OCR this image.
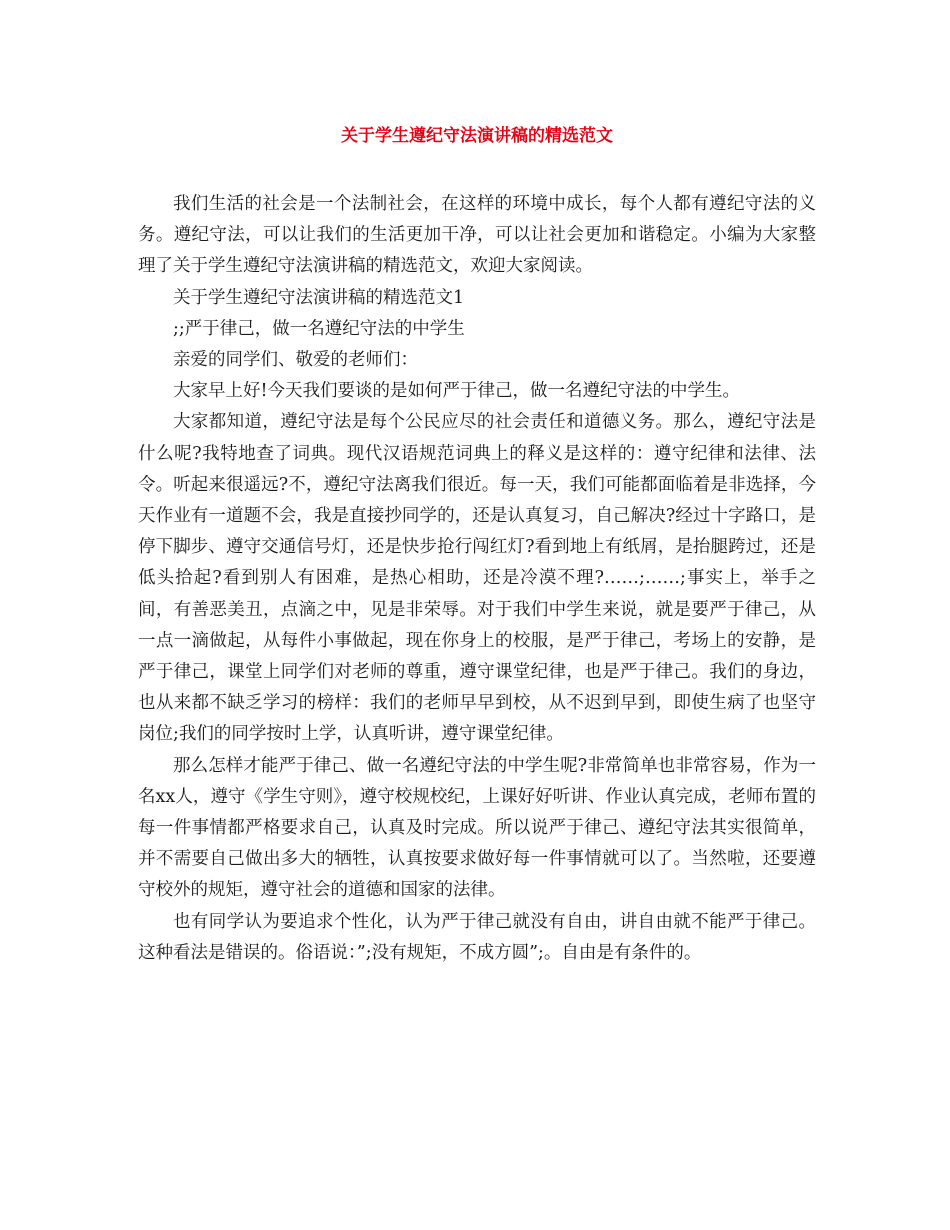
关于学生遵纪守法演讲稿的精选范文

我们生活的社会是一个法制社会，在这样的环境中成长，每个人都有遵纪守法的义务。遵纪守法，可以让我们的生活更加干净，可以让社会更加和谐稳定。小编为大家整理了关于学生遵纪守法演讲稿的精选范文，欢迎大家阅读。

关于学生遵纪守法演讲稿的精选范文1

;;严于律己，做一名遵纪守法的中学生

亲爱的同学们、敬爱的老师们：

大家早上好!今天我们要谈的是如何严于律己，做一名遵纪守法的中学生。

大家都知道，遵纪守法是每个公民应尽的社会责任和道德义务。那么，遵纪守法是什么呢?我特地查了词典。现代汉语规范词典上的释义是这样的：遵守纪律和法律、法令。听起来很遥远?不，遵纪守法离我们很近。每一天，我们可能都面临着是非选择，今天作业有一道题不会，我是直接抄同学的，还是认真复习，自己解决?经过十字路口，是停下脚步、遵守交通信号灯，还是快步抢行闯红灯?看到地上有纸屑，是抬腿跨过，还是低头拾起?看到别人有困难，是热心相助，还是冷漠不理?……;……;事实上，举手之间，有善恶美丑，点滴之中，见是非荣辱。对于我们中学生来说，就是要严于律己，从一点一滴做起，从每件小事做起，现在你身上的校服，是严于律己，考场上的安静，是严于律己，课堂上同学们对老师的尊重，遵守课堂纪律，也是严于律己。我们的身边，也从来都不缺乏学习的榜样：我们的老师早早到校，从不迟到早到，即使生病了也坚守岗位;我们的同学按时上学，认真听讲，遵守课堂纪律。

那么怎样才能严于律己、做一名遵纪守法的中学生呢?非常简单也非常容易，作为一名xx人，遵守《学生守则》，遵守校规校纪，上课好好听讲、作业认真完成，老师布置的每一件事情都严格要求自己，认真及时完成。所以说严于律己、遵纪守法其实很简单，并不需要自己做出多大的牺牲，认真按要求做好每一件事情就可以了。当然啦，还要遵守校外的规矩，遵守社会的道德和国家的法律。

也有同学认为要追求个性化，认为严于律己就没有自由，讲自由就不能严于律己。这种看法是错误的。俗语说：”;没有规矩，不成方圆”;。自由是有条件的。
